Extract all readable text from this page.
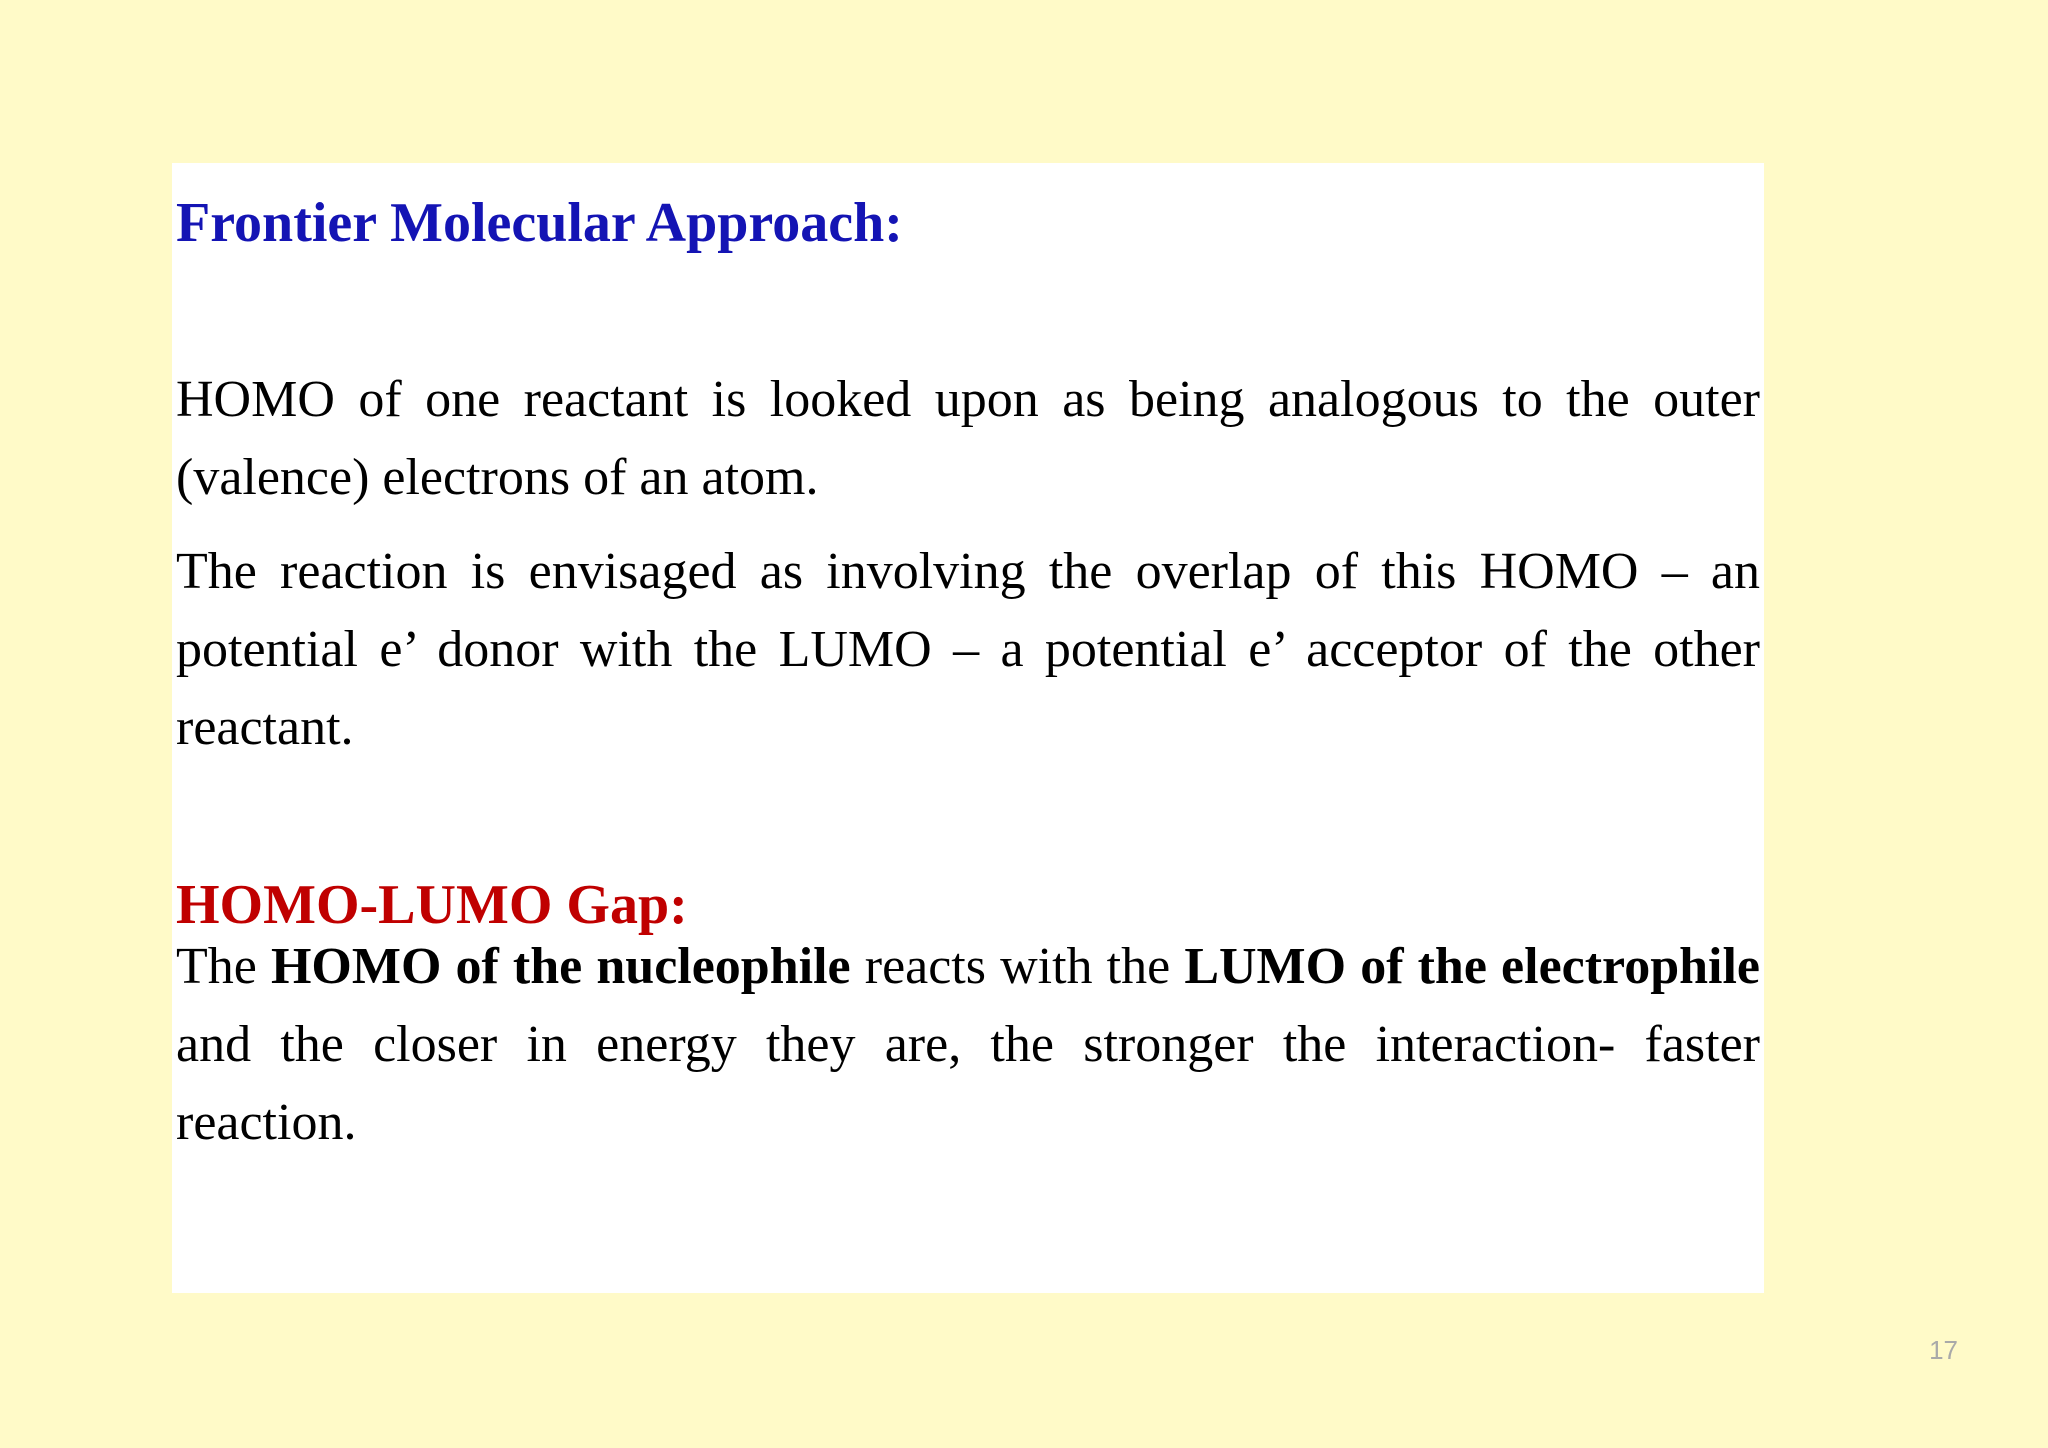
Frontier Molecular Approach:

HOMO of one reactant is looked upon as being analogous to the outer (valence) electrons of an atom.

The reaction is envisaged as involving the overlap of this HOMO – an potential e’ donor with the LUMO – a potential e’ acceptor of the other reactant.

HOMO-LUMO Gap:

The HOMO of the nucleophile reacts with the LUMO of the electrophile and the closer in energy they are, the stronger the interaction- faster reaction.

17
